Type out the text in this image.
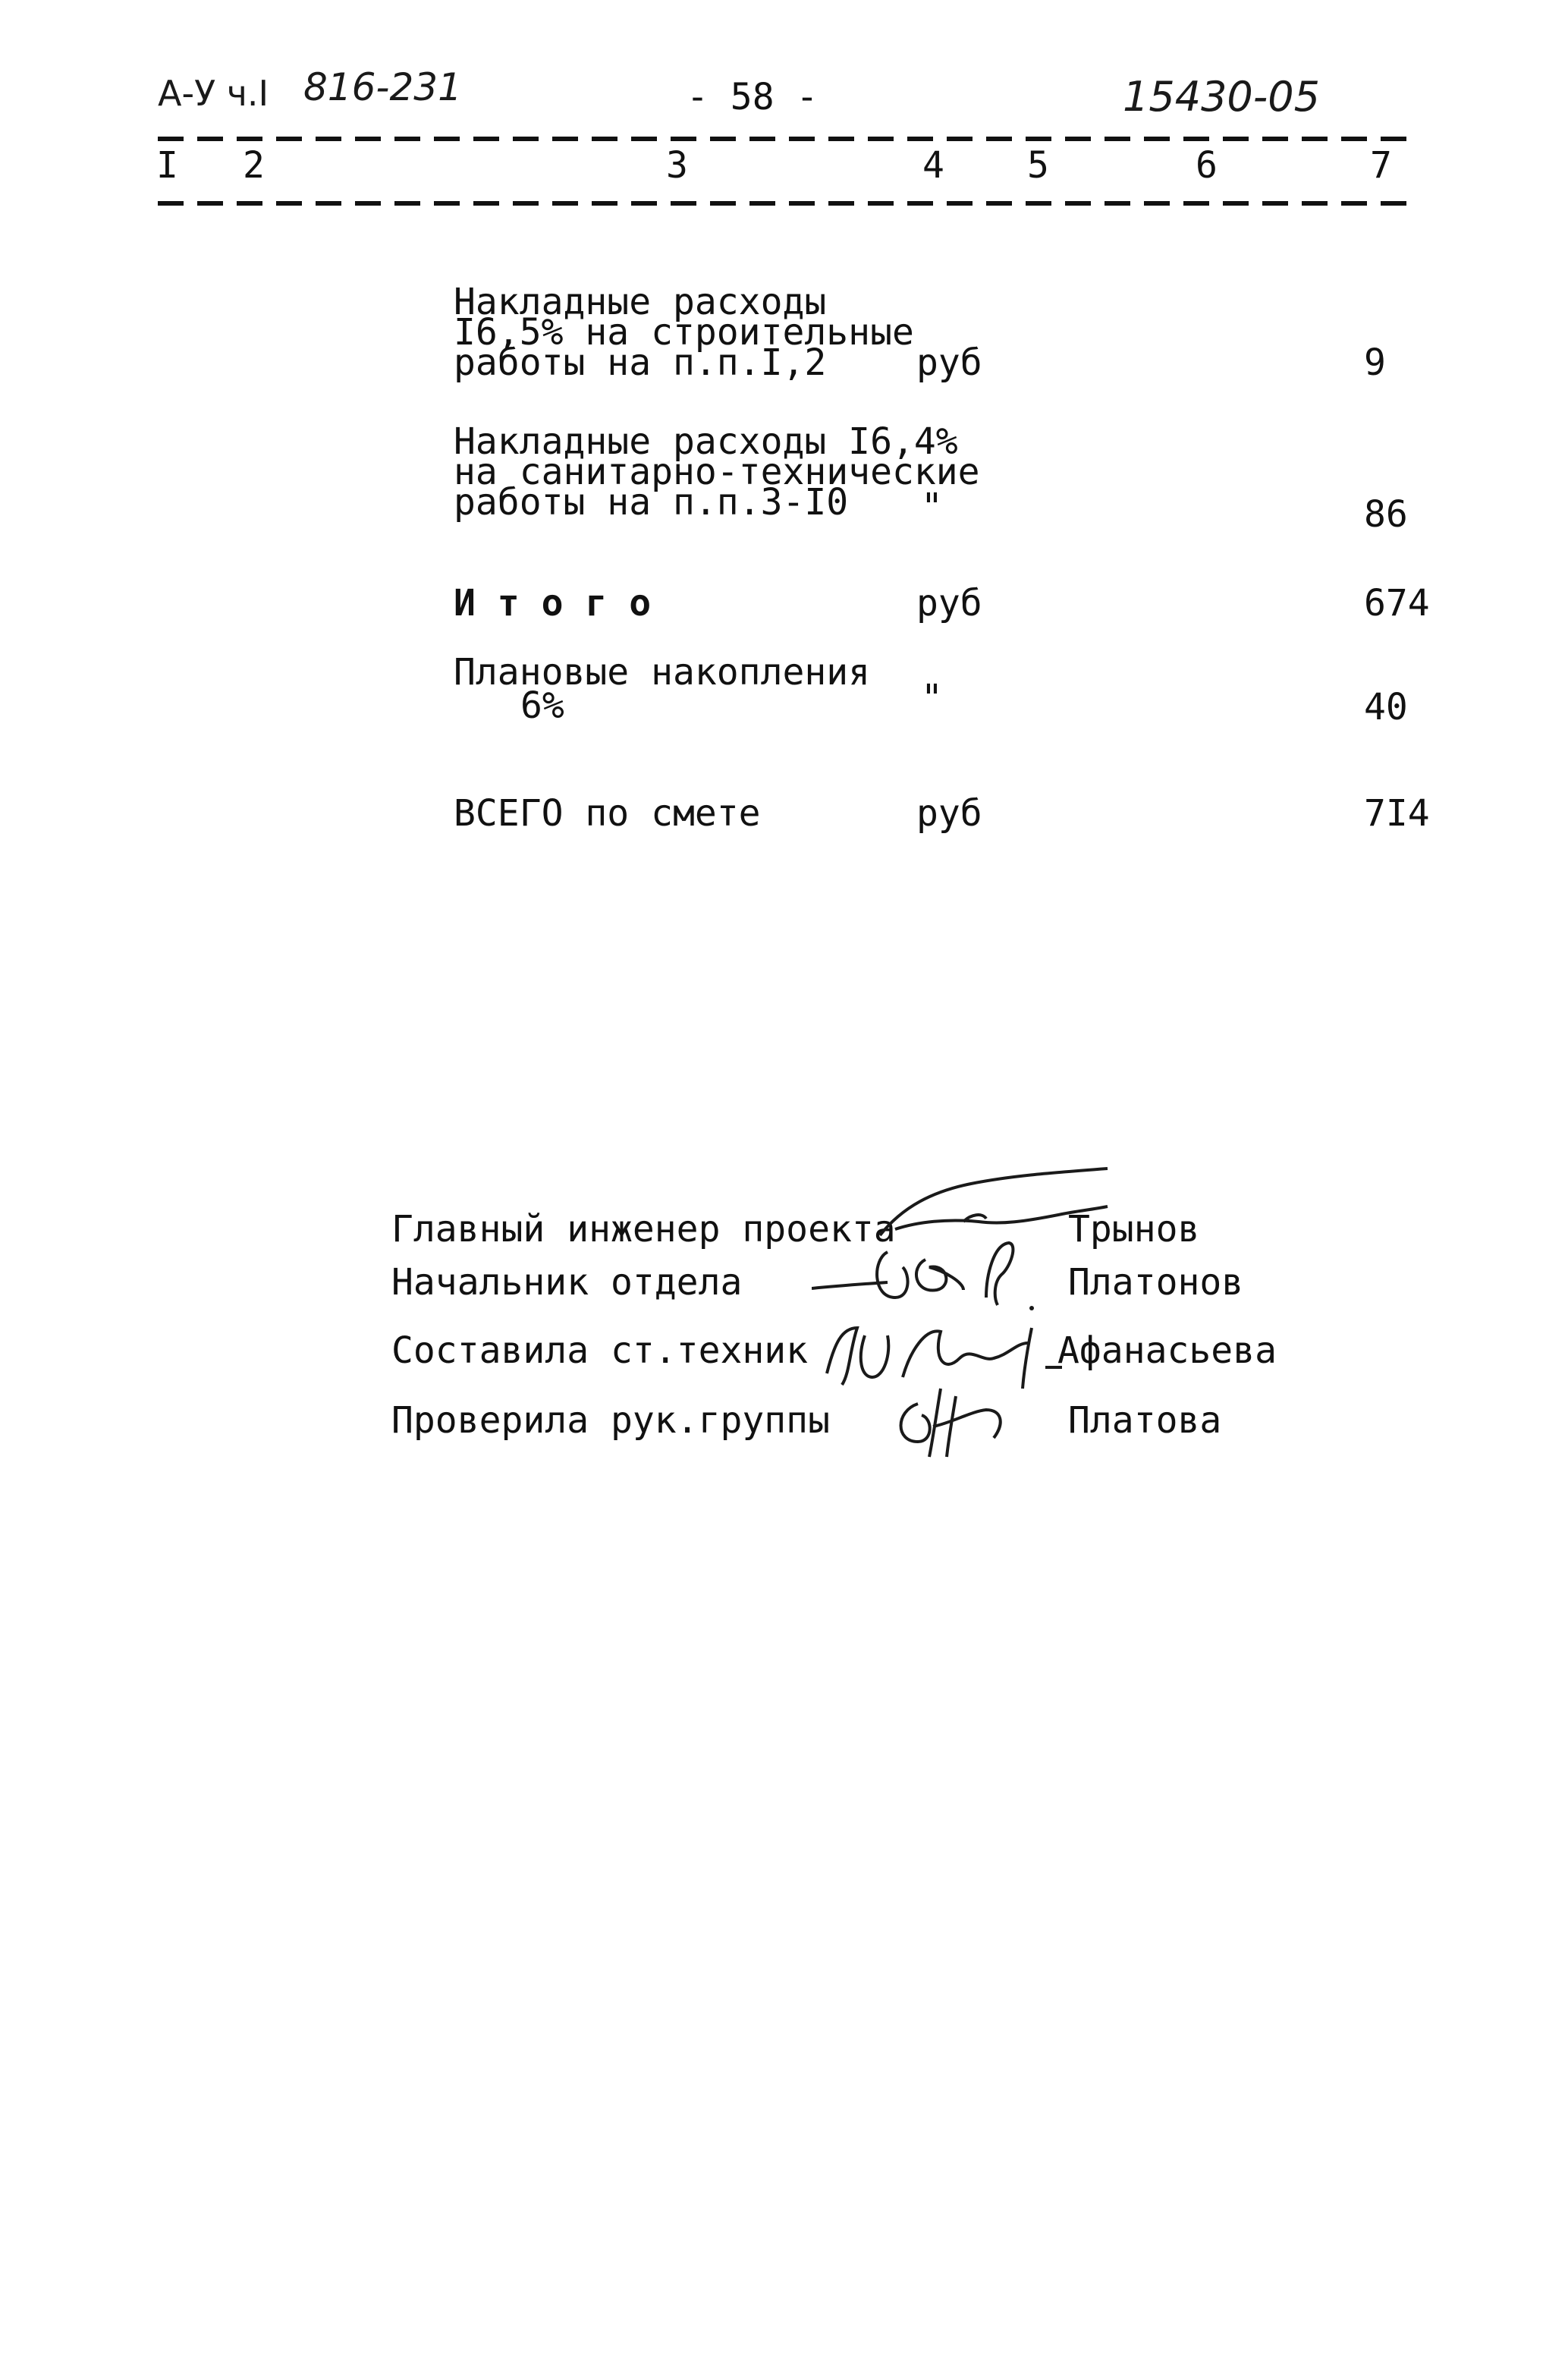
А-У ч.I 816-231	- 58 -	15430-05
I 2	3	4 5	6	7
Накладные расходы
I6,5% на строительные
работы на п.п.I,2	руб	9
Накладные расходы I6,4%
на санитарно-технические
работы на п.п.3-I0	"	86
И т о г о	руб	674
Плановые накопления
6%	"	40
ВСЕГО по смете	руб	7I4
Главный инженер проекта	Трынов
Начальник отдела	Платонов
Составила ст.техник	Афанасьева
Проверила рук.группы	Платова
